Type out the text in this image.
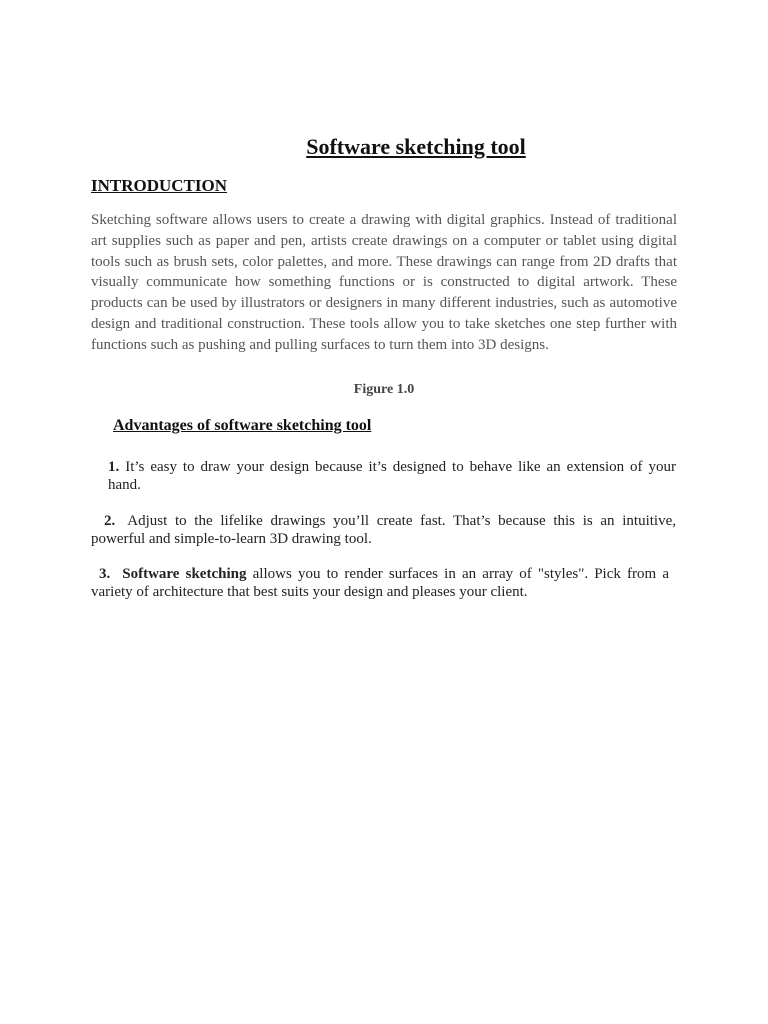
Software sketching tool
INTRODUCTION
Sketching software allows users to create a drawing with digital graphics. Instead of traditional art supplies such as paper and pen, artists create drawings on a computer or tablet using digital tools such as brush sets, color palettes, and more. These drawings can range from 2D drafts that visually communicate how something functions or is constructed to digital artwork. These products can be used by illustrators or designers in many different industries, such as automotive design and traditional construction. These tools allow you to take sketches one step further with functions such as pushing and pulling surfaces to turn them into 3D designs.
Figure 1.0
Advantages of software sketching tool
1. It’s easy to draw your design because it’s designed to behave like an extension of your hand.
2. Adjust to the lifelike drawings you’ll create fast. That’s because this is an intuitive, powerful and simple-to-learn 3D drawing tool.
3. Software sketching allows you to render surfaces in an array of "styles". Pick from a variety of architecture that best suits your design and pleases your client.
